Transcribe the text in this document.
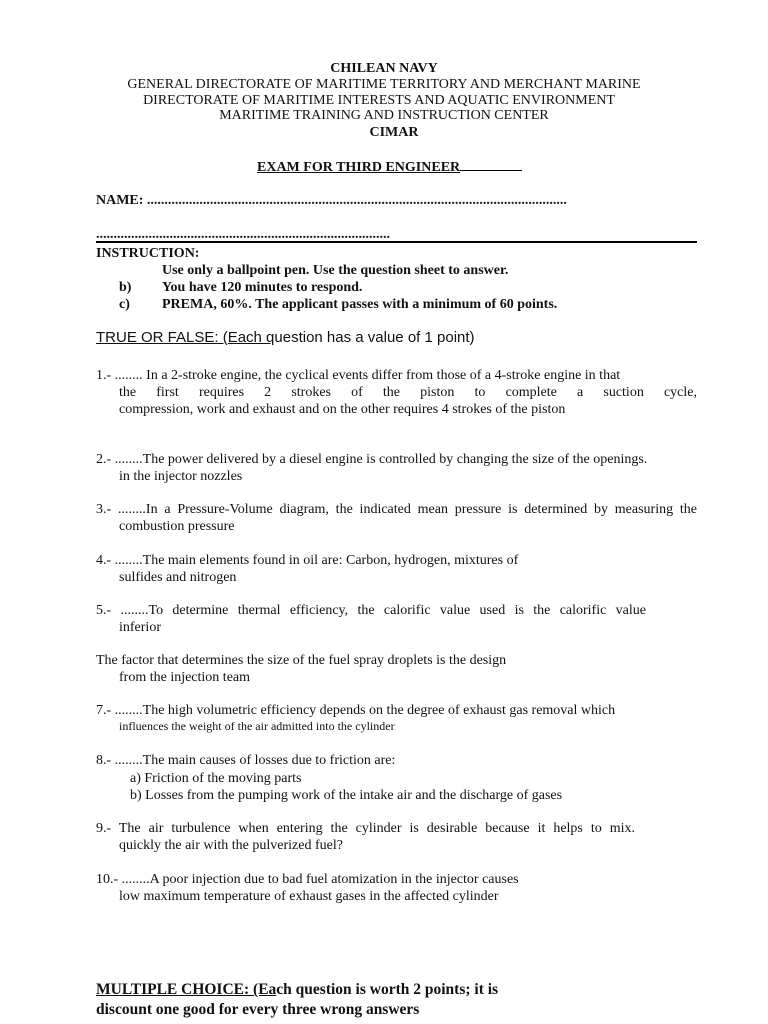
CHILEAN NAVY
GENERAL DIRECTORATE OF MARITIME TERRITORY AND MERCHANT MARINE
DIRECTORATE OF MARITIME INTERESTS AND AQUATIC ENVIRONMENT
MARITIME TRAINING AND INSTRUCTION CENTER
CIMAR
EXAM FOR THIRD ENGINEER
NAME: ........................................................................................................................
....................................................................................
INSTRUCTION:
Use only a ballpoint pen. Use the question sheet to answer.
b) You have 120 minutes to respond.
c) PREMA, 60%. The applicant passes with a minimum of 60 points.
TRUE OR FALSE: (Each question has a value of 1 point)
1.- ........ In a 2-stroke engine, the cyclical events differ from those of a 4-stroke engine in that
the first requires 2 strokes of the piston to complete a suction cycle,
compression, work and exhaust and on the other requires 4 strokes of the piston
2.- ........The power delivered by a diesel engine is controlled by changing the size of the openings.
in the injector nozzles
3.- ........In a Pressure-Volume diagram, the indicated mean pressure is determined by measuring the
combustion pressure
4.- ........The main elements found in oil are: Carbon, hydrogen, mixtures of
sulfides and nitrogen
5.- ........To determine thermal efficiency, the calorific value used is the calorific value
inferior
The factor that determines the size of the fuel spray droplets is the design
from the injection team
7.- ........The high volumetric efficiency depends on the degree of exhaust gas removal which
influences the weight of the air admitted into the cylinder
8.- ........The main causes of losses due to friction are:
a) Friction of the moving parts
b) Losses from the pumping work of the intake air and the discharge of gases
9.- The air turbulence when entering the cylinder is desirable because it helps to mix.
quickly the air with the pulverized fuel?
10.- ........A poor injection due to bad fuel atomization in the injector causes
low maximum temperature of exhaust gases in the affected cylinder
MULTIPLE CHOICE: (Each question is worth 2 points; it is
discount one good for every three wrong answers
